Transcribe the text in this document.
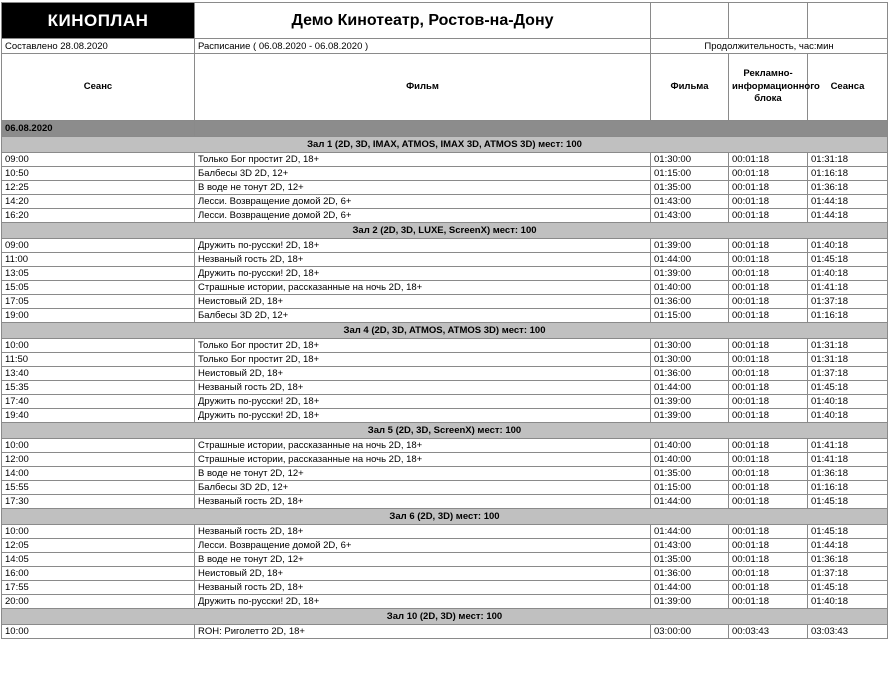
КИНОПЛАН	Демо Кинотеатр, Ростов-на-Дону			
Составлено 28.08.2020	Расписание ( 06.08.2020 - 06.08.2020 )	Продолжительность, час:мин		
Сеанс	Фильм	Фильма	Рекламно-информационного блока	Сеанса
06.08.2020				
Зал 1 (2D, 3D, IMAX, ATMOS, IMAX 3D, ATMOS 3D) мест: 100				
09:00	Только Бог простит 2D, 18+	01:30:00	00:01:18	01:31:18
10:50	Балбесы 3D 2D, 12+	01:15:00	00:01:18	01:16:18
12:25	В воде не тонут 2D, 12+	01:35:00	00:01:18	01:36:18
14:20	Лесси. Возвращение домой 2D, 6+	01:43:00	00:01:18	01:44:18
16:20	Лесси. Возвращение домой 2D, 6+	01:43:00	00:01:18	01:44:18
Зал 2 (2D, 3D, LUXE, ScreenX) мест: 100				
09:00	Дружить по-русски! 2D, 18+	01:39:00	00:01:18	01:40:18
11:00	Незваный гость 2D, 18+	01:44:00	00:01:18	01:45:18
13:05	Дружить по-русски! 2D, 18+	01:39:00	00:01:18	01:40:18
15:05	Страшные истории, рассказанные на ночь 2D, 18+	01:40:00	00:01:18	01:41:18
17:05	Неистовый 2D, 18+	01:36:00	00:01:18	01:37:18
19:00	Балбесы 3D 2D, 12+	01:15:00	00:01:18	01:16:18
Зал 4 (2D, 3D, ATMOS, ATMOS 3D) мест: 100				
10:00	Только Бог простит 2D, 18+	01:30:00	00:01:18	01:31:18
11:50	Только Бог простит 2D, 18+	01:30:00	00:01:18	01:31:18
13:40	Неистовый 2D, 18+	01:36:00	00:01:18	01:37:18
15:35	Незваный гость 2D, 18+	01:44:00	00:01:18	01:45:18
17:40	Дружить по-русски! 2D, 18+	01:39:00	00:01:18	01:40:18
19:40	Дружить по-русски! 2D, 18+	01:39:00	00:01:18	01:40:18
Зал 5 (2D, 3D, ScreenX) мест: 100				
10:00	Страшные истории, рассказанные на ночь 2D, 18+	01:40:00	00:01:18	01:41:18
12:00	Страшные истории, рассказанные на ночь 2D, 18+	01:40:00	00:01:18	01:41:18
14:00	В воде не тонут 2D, 12+	01:35:00	00:01:18	01:36:18
15:55	Балбесы 3D 2D, 12+	01:15:00	00:01:18	01:16:18
17:30	Незваный гость 2D, 18+	01:44:00	00:01:18	01:45:18
Зал 6 (2D, 3D) мест: 100				
10:00	Незваный гость 2D, 18+	01:44:00	00:01:18	01:45:18
12:05	Лесси. Возвращение домой 2D, 6+	01:43:00	00:01:18	01:44:18
14:05	В воде не тонут 2D, 12+	01:35:00	00:01:18	01:36:18
16:00	Неистовый 2D, 18+	01:36:00	00:01:18	01:37:18
17:55	Незваный гость 2D, 18+	01:44:00	00:01:18	01:45:18
20:00	Дружить по-русски! 2D, 18+	01:39:00	00:01:18	01:40:18
Зал 10 (2D, 3D) мест: 100				
10:00	ROH: Риголетто 2D, 18+	03:00:00	00:03:43	03:03:43
